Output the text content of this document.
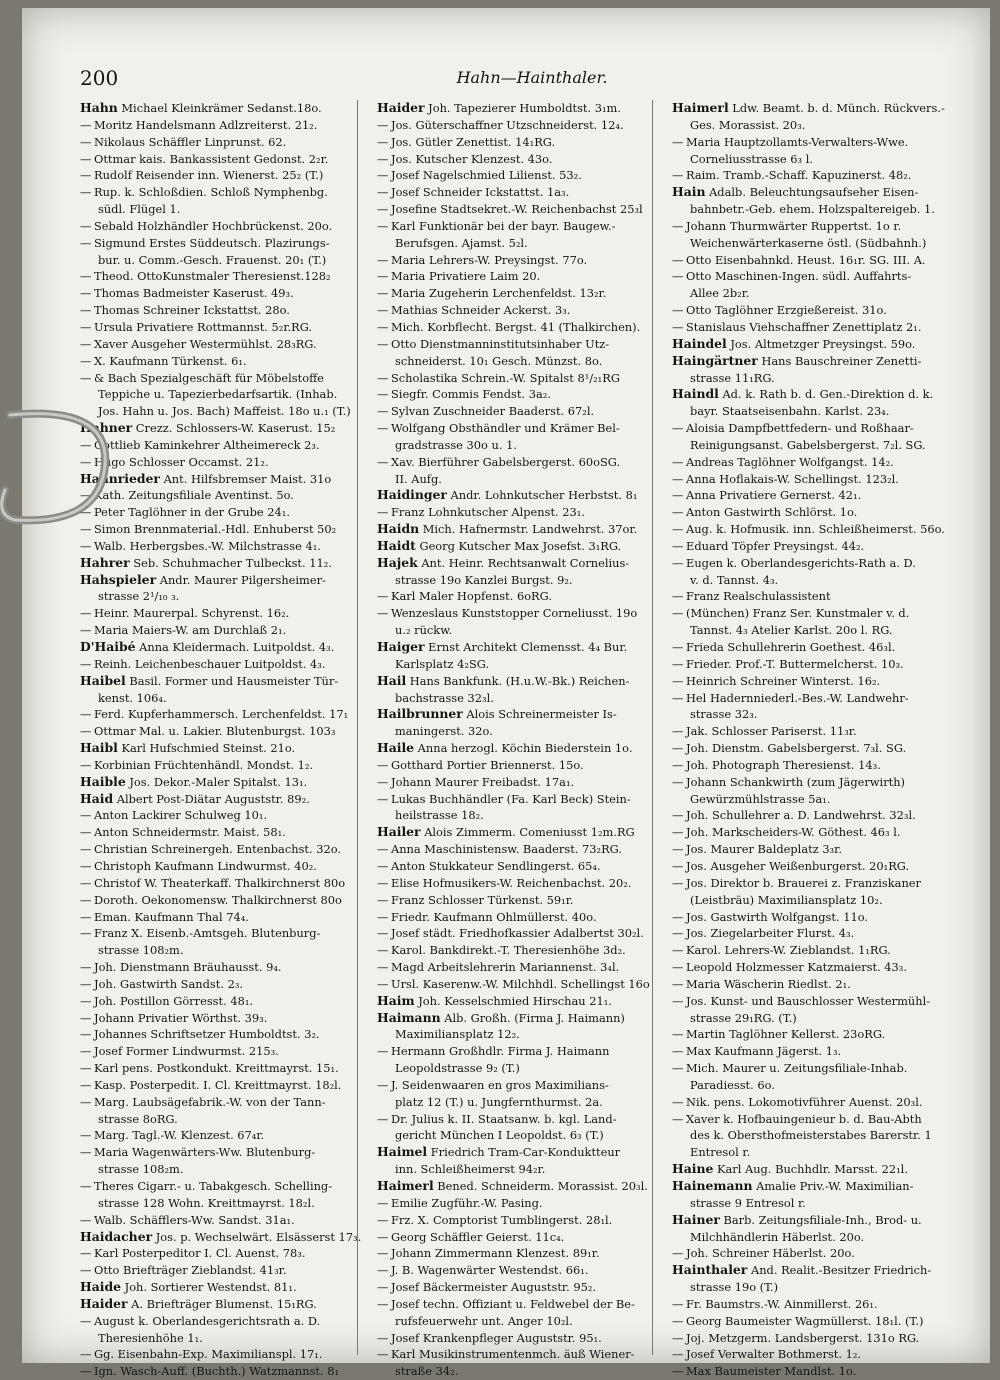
200	Hahn—Hainthaler.
Hahn Michael Kleinkrämer Sedanst.18o.
— Moritz Handelsmann Adlzreiterst. 21₂.
— Nikolaus Schäffler Linprunst. 62.
— Ottmar kais. Bankassistent Gedonst. 2₂r.
— Rudolf Reisender inn. Wienerst. 25₂ (T.)
— Rup. k. Schloßdien. Schloß Nymphenbg.
südl. Flügel 1.
— Sebald Holzhändler Hochbrückenst. 20o.
— Sigmund Erstes Süddeutsch. Plazirungs-
bur. u. Comm.-Gesch. Frauenst. 20₁ (T.)
— Theod. OttoKunstmaler Theresienst.128₂
— Thomas Badmeister Kaserust. 49₃.
— Thomas Schreiner Ickstattst. 28o.
— Ursula Privatiere Rottmannst. 5₂r.RG.
— Xaver Ausgeher Westermühlst. 28₃RG.
— X. Kaufmann Türkenst. 6₁.
— & Bach Spezialgeschäft für Möbelstoffe
Teppiche u. Tapezierbedarfsartik. (Inhab.
Jos. Hahn u. Jos. Bach) Maffeist. 18o u.₁ (T.)
Hahner Crezz. Schlossers-W. Kaserust. 15₂
— Gottlieb Kaminkehrer Altheimereck 2₃.
— Hugo Schlosser Occamst. 21₂.
Hahnrieder Ant. Hilfsbremser Maist. 31o
— Kath. Zeitungsfiliale Aventinst. 5o.
— Peter Taglöhner in der Grube 24₁.
— Simon Brennmaterial.-Hdl. Enhuberst 50₂
— Walb. Herbergsbes.-W. Milchstrasse 4₁.
Hahrer Seb. Schuhmacher Tulbeckst. 11₂.
Hahspieler Andr. Maurer Pilgersheimer-
strasse 2¹/₁₀ ₃.
— Heinr. Maurerpal. Schyrenst. 16₂.
— Maria Maiers-W. am Durchlaß 2₁.
D'Haibé Anna Kleidermach. Luitpoldst. 4₃.
— Reinh. Leichenbeschauer Luitpoldst. 4₃.
Haibel Basil. Former und Hausmeister Tür-
kenst. 106₄.
— Ferd. Kupferhammersch. Lerchenfeldst. 17₁
— Ottmar Mal. u. Lakier. Blutenburgst. 103₃
Haibl Karl Hufschmied Steinst. 21o.
— Korbinian Früchtenhändl. Mondst. 1₂.
Haible Jos. Dekor.-Maler Spitalst. 13₁.
Haid Albert Post-Diätar Auguststr. 89₂.
— Anton Lackirer Schulweg 10₁.
— Anton Schneidermstr. Maist. 58₁.
— Christian Schreinergeh. Entenbachst. 32o.
— Christoph Kaufmann Lindwurmst. 40₂.
— Christof W. Theaterkaff. Thalkirchnerst 80o
— Doroth. Oekonomensw. Thalkirchnerst 80o
— Eman. Kaufmann Thal 74₄.
— Franz X. Eisenb.-Amtsgeh. Blutenburg-
strasse 108₂m.
— Joh. Dienstmann Bräuhausst. 9₄.
— Joh. Gastwirth Sandst. 2₃.
— Joh. Postillon Görresst. 48₁.
— Johann Privatier Wörthst. 39₃.
— Johannes Schriftsetzer Humboldtst. 3₂.
— Josef Former Lindwurmst. 215₃.
— Karl pens. Postkondukt. Kreittmayrst. 15₁.
— Kasp. Posterpedit. I. Cl. Kreittmayrst. 18₂l.
— Marg. Laubsägefabrik.-W. von der Tann-
strasse 8oRG.
— Marg. Tagl.-W. Klenzest. 67₄r.
— Maria Wagenwärters-Ww. Blutenburg-
strasse 108₂m.
— Theres Cigarr.- u. Tabakgesch. Schelling-
strasse 128 Wohn. Kreittmayrst. 18₂l.
— Walb. Schäfflers-Ww. Sandst. 31a₁.
Haidacher Jos. p. Wechselwärt. Elsässerst 17₃.
— Karl Posterpeditor I. Cl. Auenst. 78₃.
— Otto Briefträger Zieblandst. 41₃r.
Haide Joh. Sortierer Westendst. 81₁.
Haider A. Briefträger Blumenst. 15₁RG.
— August k. Oberlandesgerichtsrath a. D.
Theresienhöhe 1₁.
— Gg. Eisenbahn-Exp. Maximilianspl. 17₁.
— Ign. Wasch-Auff. (Buchth.) Watzmannst. 8₁
Haider Joh. Tapezierer Humboldtst. 3₁m.
— Jos. Güterschaffner Utzschneiderst. 12₄.
— Jos. Gütler Zenettist. 14₁RG.
— Jos. Kutscher Klenzest. 43o.
— Josef Nagelschmied Lilienst. 53₂.
— Josef Schneider Ickstattst. 1a₃.
— Josefine Stadtsekret.-W. Reichenbachst 25₃l
— Karl Funktionär bei der bayr. Baugew.-
Berufsgen. Ajamst. 5₂l.
— Maria Lehrers-W. Preysingst. 77o.
— Maria Privatiere Laim 20.
— Maria Zugeherin Lerchenfeldst. 13₂r.
— Mathias Schneider Ackerst. 3₃.
— Mich. Korbflecht. Bergst. 41 (Thalkirchen).
— Otto Dienstmanninstitutsinhaber Utz-
schneiderst. 10₁ Gesch. Münzst. 8o.
— Scholastika Schrein.-W. Spitalst 8¹/₂₁RG
— Siegfr. Commis Fendst. 3a₂.
— Sylvan Zuschneider Baaderst. 67₂l.
— Wolfgang Obsthändler und Krämer Bel-
gradstrasse 30o u. 1.
— Xav. Bierführer Gabelsbergerst. 60oSG.
II. Aufg.
Haidinger Andr. Lohnkutscher Herbstst. 8₁
— Franz Lohnkutscher Alpenst. 23₁.
Haidn Mich. Hafnermstr. Landwehrst. 37or.
Haidt Georg Kutscher Max Josefst. 3₁RG.
Hajek Ant. Heinr. Rechtsanwalt Cornelius-
strasse 19o Kanzlei Burgst. 9₂.
— Karl Maler Hopfenst. 6oRG.
— Wenzeslaus Kunststopper Corneliusst. 19o
u.₂ rückw.
Haiger Ernst Architekt Clemensst. 4₄ Bur.
Karlsplatz 4₂SG.
Hail Hans Bankfunk. (H.u.W.-Bk.) Reichen-
bachstrasse 32₃l.
Hailbrunner Alois Schreinermeister Is-
maningerst. 32o.
Haile Anna herzogl. Köchin Biederstein 1o.
— Gotthard Portier Briennerst. 15o.
— Johann Maurer Freibadst. 17a₁.
— Lukas Buchhändler (Fa. Karl Beck) Stein-
heilstrasse 18₂.
Hailer Alois Zimmerm. Comeniusst 1₂m.RG
— Anna Maschinistensw. Baaderst. 73₂RG.
— Anton Stukkateur Sendlingerst. 65₄.
— Elise Hofmusikers-W. Reichenbachst. 20₂.
— Franz Schlosser Türkenst. 59₁r.
— Friedr. Kaufmann Ohlmüllerst. 40o.
— Josef städt. Friedhofkassier Adalbertst 30₂l.
— Karol. Bankdirekt.-T. Theresienhöhe 3d₂.
— Magd Arbeitslehrerin Mariannenst. 3₄l.
— Ursl. Kaserenw.-W. Milchhdl. Schellingst 16o
Haim Joh. Kesselschmied Hirschau 21₁.
Haimann Alb. Großh. (Firma J. Haimann)
Maximiliansplatz 12₂.
— Hermann Großhdlr. Firma J. Haimann
Leopoldstrasse 9₂ (T.)
— J. Seidenwaaren en gros Maximilians-
platz 12 (T.) u. Jungfernthurmst. 2a.
— Dr. Julius k. II. Staatsanw. b. kgl. Land-
gericht München I Leopoldst. 6₃ (T.)
Haimel Friedrich Tram-Car-Konduktteur
inn. Schleißheimerst 94₂r.
Haimerl Bened. Schneiderm. Morassist. 20₃l.
— Emilie Zugführ.-W. Pasing.
— Frz. X. Comptorist Tumblingerst. 28₁l.
— Georg Schäffler Geierst. 11c₄.
— Johann Zimmermann Klenzest. 89₁r.
— J. B. Wagenwärter Westendst. 66₁.
— Josef Bäckermeister Auguststr. 95₂.
— Josef techn. Offiziant u. Feldwebel der Be-
rufsfeuerwehr unt. Anger 10₂l.
— Josef Krankenpfleger Auguststr. 95₁.
— Karl Musikinstrumentenmch. äuß Wiener-
straße 34₂.
Haimerl Ldw. Beamt. b. d. Münch. Rückvers.-
Ges. Morassist. 20₃.
— Maria Hauptzollamts-Verwalters-Wwe.
Corneliusstrasse 6₃ l.
— Raim. Tramb.-Schaff. Kapuzinerst. 48₂.
Hain Adalb. Beleuchtungsaufseher Eisen-
bahnbetr.-Geb. ehem. Holzspaltereigeb. 1.
— Johann Thurmwärter Ruppertst. 1o r.
Weichenwärterkaserne östl. (Südbahnh.)
— Otto Eisenbahnkd. Heust. 16₁r. SG. III. A.
— Otto Maschinen-Ingen. südl. Auffahrts-
Allee 2b₂r.
— Otto Taglöhner Erzgießereist. 31o.
— Stanislaus Viehschaffner Zenettiplatz 2₁.
Haindel Jos. Altmetzger Preysingst. 59o.
Haingärtner Hans Bauschreiner Zenetti-
strasse 11₁RG.
Haindl Ad. k. Rath b. d. Gen.-Direktion d. k.
bayr. Staatseisenbahn. Karlst. 23₄.
— Aloisia Dampfbettfedern- und Roßhaar-
Reinigungsanst. Gabelsbergerst. 7₂l. SG.
— Andreas Taglöhner Wolfgangst. 14₂.
— Anna Hoflakais-W. Schellingst. 123₂l.
— Anna Privatiere Gernerst. 42₁.
— Anton Gastwirth Schlörst. 1o.
— Aug. k. Hofmusik. inn. Schleißheimerst. 56o.
— Eduard Töpfer Preysingst. 44₂.
— Eugen k. Oberlandesgerichts-Rath a. D.
v. d. Tannst. 4₃.
— Franz Realschulassistent
— (München) Franz Ser. Kunstmaler v. d.
Tannst. 4₃ Atelier Karlst. 20o l. RG.
— Frieda Schullehrerin Goethest. 46₃l.
— Frieder. Prof.-T. Buttermelcherst. 10₃.
— Heinrich Schreiner Winterst. 16₂.
— Hel Hadernniederl.-Bes.-W. Landwehr-
strasse 32₃.
— Jak. Schlosser Pariserst. 11₃r.
— Joh. Dienstm. Gabelsbergerst. 7₃l. SG.
— Joh. Photograph Theresienst. 14₃.
— Johann Schankwirth (zum Jägerwirth)
Gewürzmühlstrasse 5a₁.
— Joh. Schullehrer a. D. Landwehrst. 32₃l.
— Joh. Markscheiders-W. Göthest. 46₃ l.
— Jos. Maurer Baldeplatz 3₃r.
— Jos. Ausgeher Weißenburgerst. 20₁RG.
— Jos. Direktor b. Brauerei z. Franziskaner
(Leistbräu) Maximiliansplatz 10₂.
— Jos. Gastwirth Wolfgangst. 11o.
— Jos. Ziegelarbeiter Flurst. 4₃.
— Karol. Lehrers-W. Zieblandst. 1₁RG.
— Leopold Holzmesser Katzmaierst. 43₃.
— Maria Wäscherin Riedlst. 2₁.
— Jos. Kunst- und Bauschlosser Westermühl-
strasse 29₁RG. (T.)
— Martin Taglöhner Kellerst. 23oRG.
— Max Kaufmann Jägerst. 1₃.
— Mich. Maurer u. Zeitungsfiliale-Inhab.
Paradiesst. 6o.
— Nik. pens. Lokomotivführer Auenst. 20₃l.
— Xaver k. Hofbauingenieur b. d. Bau-Abth
des k. Obersthofmeisterstabes Barerstr. 1
Entresol r.
Haine Karl Aug. Buchhdlr. Marsst. 22₁l.
Hainemann Amalie Priv.-W. Maximilian-
strasse 9 Entresol r.
Hainer Barb. Zeitungsfiliale-Inh., Brod- u.
Milchhändlerin Häberlst. 20o.
— Joh. Schreiner Häberlst. 20o.
Hainthaler And. Realit.-Besitzer Friedrich-
strasse 19o (T.)
— Fr. Baumstrs.-W. Ainmillerst. 26₁.
— Georg Baumeister Wagmüllerst. 18₁l. (T.)
— Joj. Metzgerm. Landsbergerst. 131o RG.
— Josef Verwalter Bothmerst. 1₂.
— Max Baumeister Mandlst. 1o.
